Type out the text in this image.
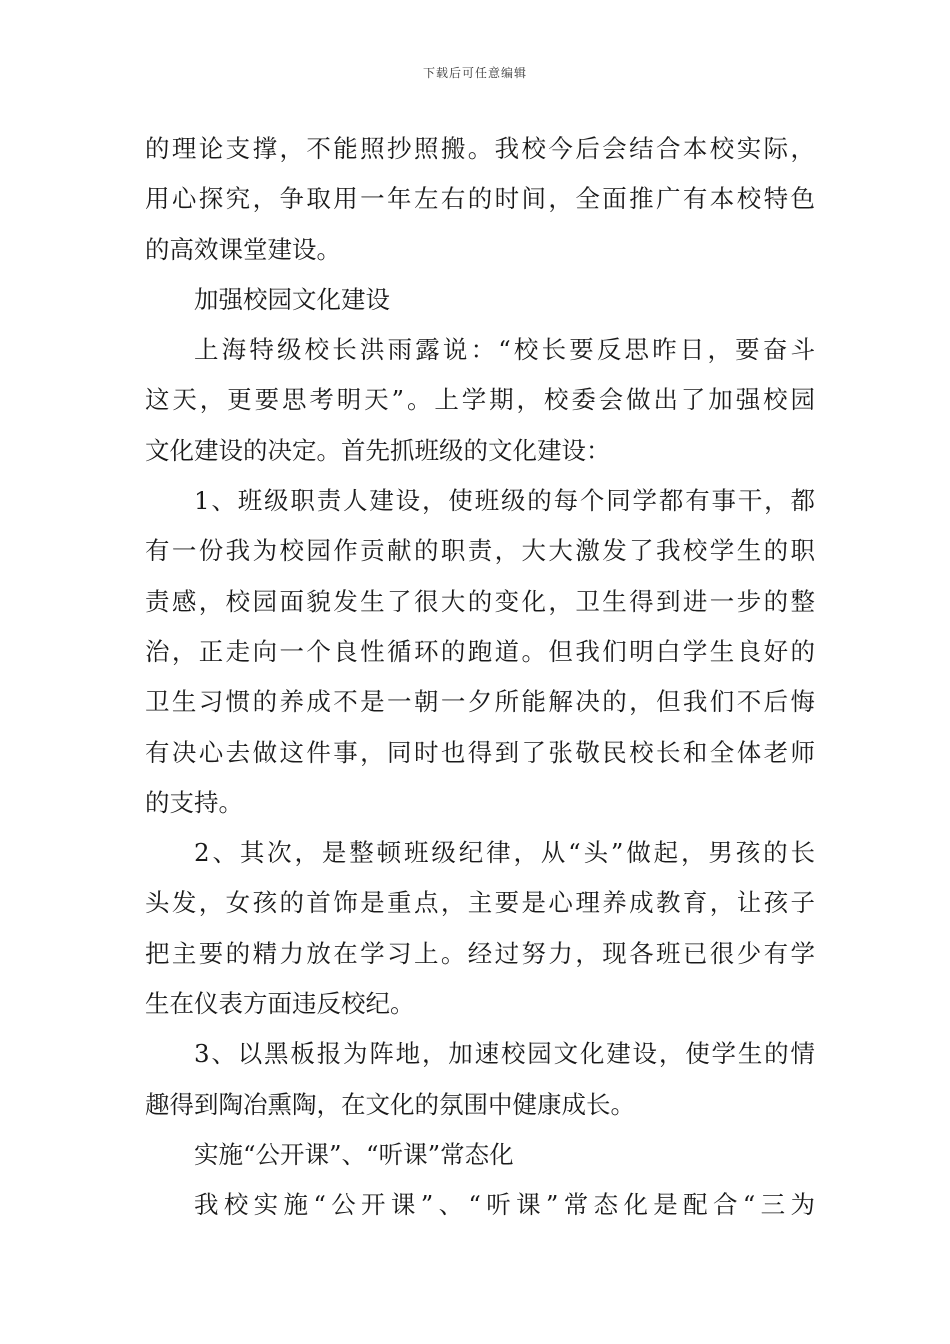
下载后可任意编辑
的理论支撑，不能照抄照搬。我校今后会结合本校实际，
用心探究，争取用一年左右的时间，全面推广有本校特色
的高效课堂建设。
加强校园文化建设
上海特级校长洪雨露说：“校长要反思昨日，要奋斗
这天，更要思考明天”。上学期，校委会做出了加强校园
文化建设的决定。首先抓班级的文化建设：
1、班级职责人建设，使班级的每个同学都有事干，都
有一份我为校园作贡献的职责，大大激发了我校学生的职
责感，校园面貌发生了很大的变化，卫生得到进一步的整
治，正走向一个良性循环的跑道。但我们明白学生良好的
卫生习惯的养成不是一朝一夕所能解决的，但我们不后悔
有决心去做这件事，同时也得到了张敬民校长和全体老师
的支持。
2、其次，是整顿班级纪律，从“头”做起，男孩的长
头发，女孩的首饰是重点，主要是心理养成教育，让孩子
把主要的精力放在学习上。经过努力，现各班已很少有学
生在仪表方面违反校纪。
3、以黑板报为阵地，加速校园文化建设，使学生的情
趣得到陶冶熏陶，在文化的氛围中健康成长。
实施“公开课”、“听课”常态化
我校实施“公开课”、“听课”常态化是配合“三为
